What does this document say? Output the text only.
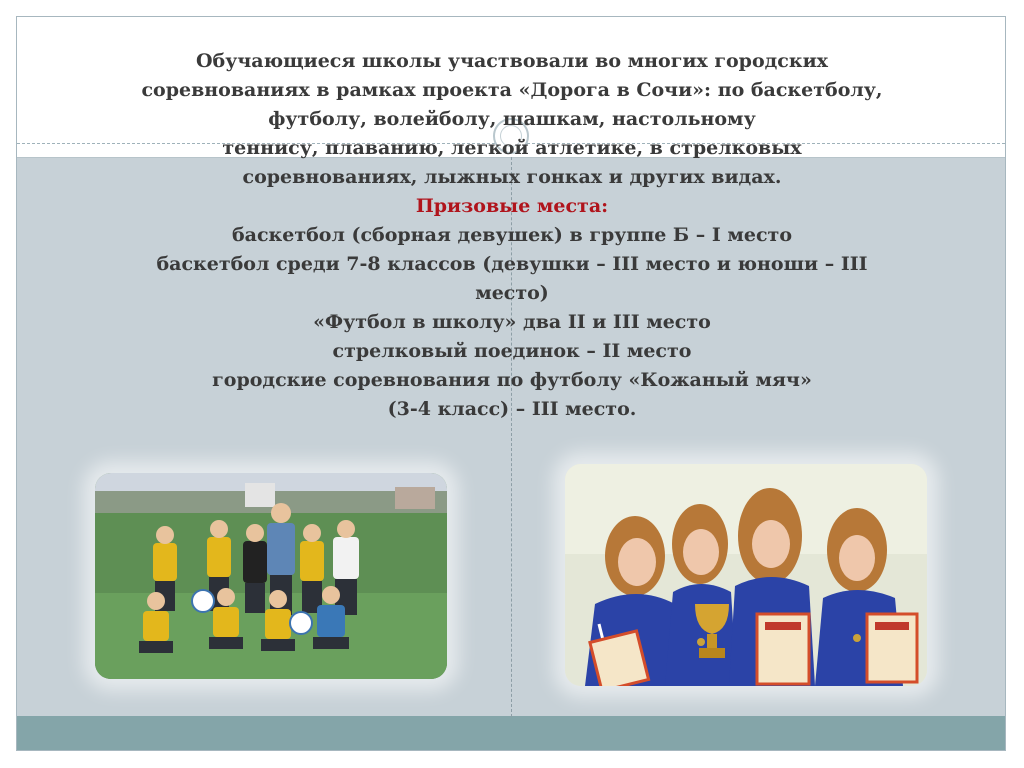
Обучающиеся школы участвовали во многих городских
соревнованиях в рамках проекта «Дорога в Сочи»: по баскетболу,
футболу, волейболу, шашкам, настольному
теннису, плаванию, легкой атлетике, в стрелковых
соревнованиях, лыжных гонках и других видах.
Призовые места:
баскетбол (сборная девушек) в группе Б – I место
баскетбол среди 7-8 классов (девушки – III место и юноши – III
место)
«Футбол в школу» два II и III место
стрелковый поединок – II место
городские соревнования по футболу «Кожаный мяч»
(3-4 класс) – III место.
